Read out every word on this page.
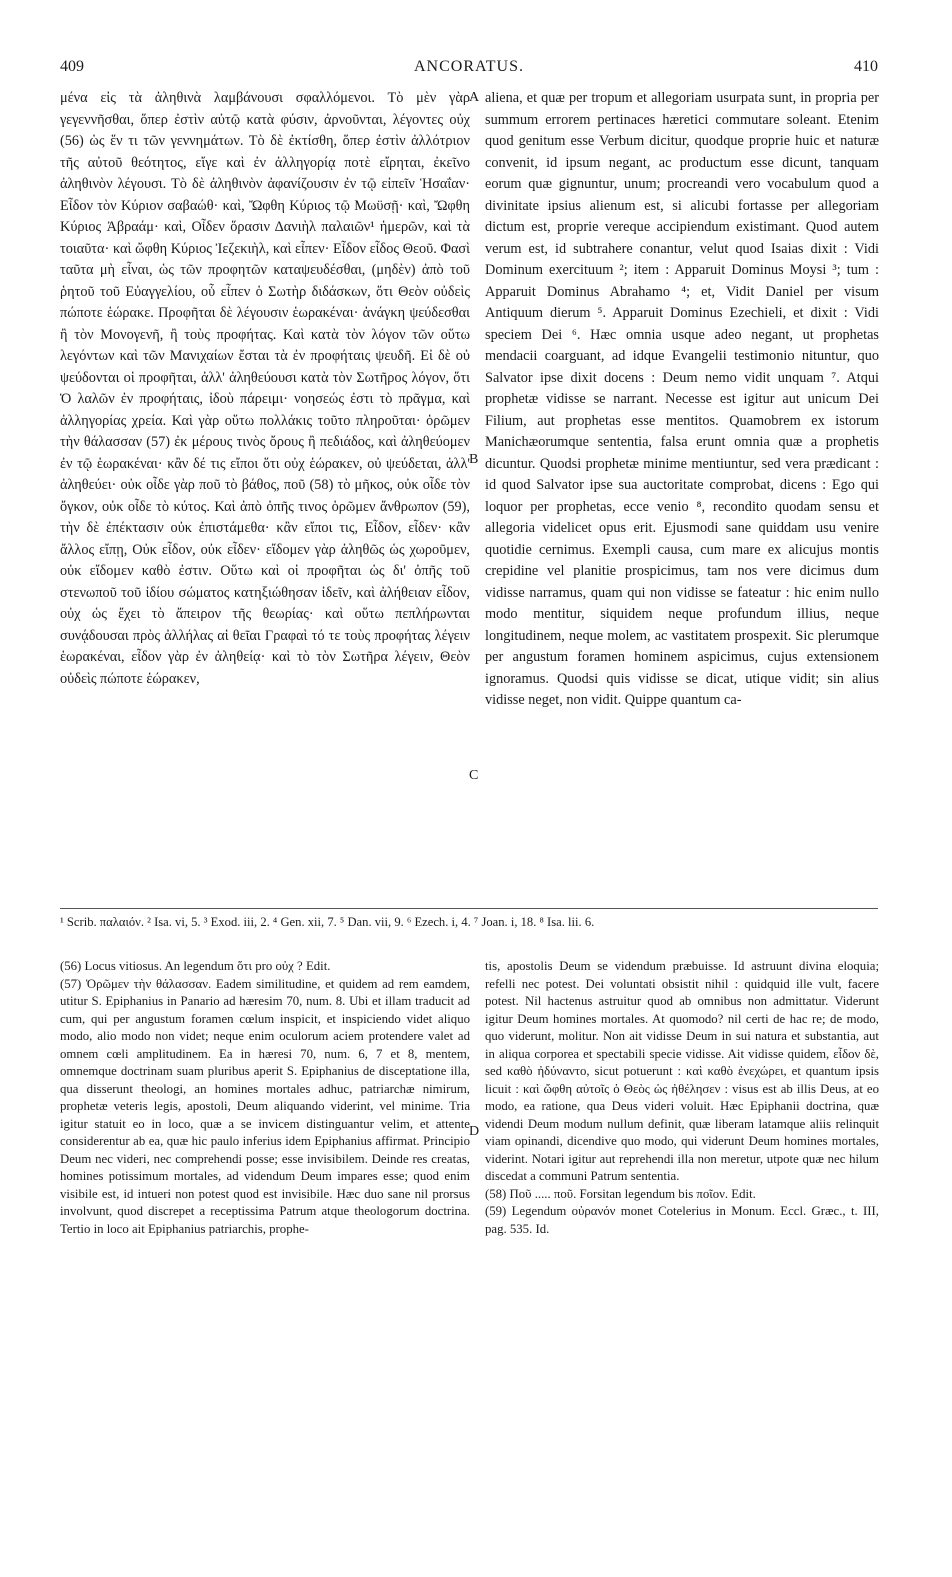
409	ANCORATUS.	410

μένα εἰς τὰ ἀληθινὰ λαμβάνουσι σφαλλόμενοι. Τὸ μὲν γὰρ γεγεννῆσθαι, ὅπερ ἐστὶν αὐτῷ κατὰ φύσιν, ἀρνοῦνται, λέγοντες οὐχ (56) ὡς ἕν τι τῶν γεννημάτων. Τὸ δὲ ἐκτίσθη, ὅπερ ἐστὶν ἀλλότριον τῆς αὐτοῦ θεότητος, εἴγε καὶ ἐν ἀλληγορίᾳ ποτὲ εἴρηται, ἐκεῖνο ἀληθινὸν λέγουσι. Τὸ δὲ ἀληθινὸν ἀφανίζουσιν ἐν τῷ εἰπεῖν Ἡσαΐαν· Εἶδον τὸν Κύριον σαβαώθ· καὶ, Ὤφθη Κύριος τῷ Μωϋσῇ· καὶ, Ὤφθη Κύριος Ἀβραάμ· καὶ, Οἶδεν ὅρασιν Δανιὴλ παλαιῶν¹ ἡμερῶν, καὶ τὰ τοιαῦτα· καὶ ὤφθη Κύριος Ἰεζεκιὴλ, καὶ εἶπεν· Εἶδον εἶδος Θεοῦ. Φασὶ ταῦτα μὴ εἶναι, ὡς τῶν προφητῶν καταψευδέσθαι, (μηδὲν) ἀπὸ τοῦ ῥητοῦ τοῦ Εὐαγγελίου, οὗ εἶπεν ὁ Σωτὴρ διδάσκων, ὅτι Θεὸν οὐδεὶς πώποτε ἑώρακε. Προφῆται δὲ λέγουσιν ἑωρακέναι· ἀνάγκη ψεύδεσθαι ἢ τὸν Μονογενῆ, ἢ τοὺς προφήτας. Καὶ κατὰ τὸν λόγον τῶν οὕτω λεγόντων καὶ τῶν Μανιχαίων ἔσται τὰ ἐν προφήταις ψευδῆ. Εἰ δὲ οὐ ψεύδονται οἱ προφῆται, ἀλλ' ἀληθεύουσι κατὰ τὸν Σωτῆρος λόγον, ὅτι Ὁ λαλῶν ἐν προφήταις, ἰδοὺ πάρειμι· νοησεώς ἐστι τὸ πρᾶγμα, καὶ ἀλληγορίας χρεία. Καὶ γὰρ οὕτω πολλάκις τοῦτο πληροῦται· ὁρῶμεν τὴν θάλασσαν (57) ἐκ μέρους τινὸς ὄρους ἢ πεδιάδος, καὶ ἀληθεύομεν ἐν τῷ ἑωρακέναι· κἂν δέ τις εἴποι ὅτι οὐχ ἑώρακεν, οὐ ψεύδεται, ἀλλ' ἀληθεύει· οὐκ οἶδε γὰρ ποῦ τὸ βάθος, ποῦ (58) τὸ μῆκος, οὐκ οἶδε τὸν ὄγκον, οὐκ οἶδε τὸ κύτος. Καὶ ἀπὸ ὀπῆς τινος ὁρῶμεν ἄνθρωπον (59), τὴν δὲ ἐπέκτασιν οὐκ ἐπιστάμεθα· κἂν εἴποι τις, Εἶδον, εἶδεν· κἂν ἄλλος εἴπῃ, Οὐκ εἶδον, οὐκ εἶδεν· εἴδομεν γὰρ ἀληθῶς ὡς χωροῦμεν, οὐκ εἴδομεν καθὸ ἐστιν. Οὕτω καὶ οἱ προφῆται ὡς δι' ὀπῆς τοῦ στενωποῦ τοῦ ἰδίου σώματος κατηξιώθησαν ἰδεῖν, καὶ ἀλήθειαν εἶδον, οὐχ ὡς ἔχει τὸ ἄπειρον τῆς θεωρίας· καὶ οὕτω πεπλήρωνται συνᾴδουσαι πρὸς ἀλλήλας αἱ θεῖαι Γραφαὶ τό τε τοὺς προφήτας λέγειν ἑωρακέναι, εἶδον γὰρ ἐν ἀληθείᾳ· καὶ τὸ τὸν Σωτῆρα λέγειν, Θεὸν οὐδεὶς πώποτε ἑώρακεν,

aliena, et quæ per tropum et allegoriam usurpata sunt, in propria per summum errorem pertinaces hæretici commutare soleant. Etenim quod genitum esse Verbum dicitur, quodque proprie huic et naturæ convenit, id ipsum negant, ac productum esse dicunt, tanquam eorum quæ gignuntur, unum; procreandi vero vocabulum quod a divinitate ipsius alienum est, si alicubi fortasse per allegoriam dictum est, proprie vereque accipiendum existimant. Quod autem verum est, id subtrahere conantur, velut quod Isaias dixit : Vidi Dominum exercituum ²; item : Apparuit Dominus Moysi ³; tum : Apparuit Dominus Abrahamo ⁴; et, Vidit Daniel per visum Antiquum dierum ⁵. Apparuit Dominus Ezechieli, et dixit : Vidi speciem Dei ⁶. Hæc omnia usque adeo negant, ut prophetas mendacii coarguant, ad idque Evangelii testimonio nituntur, quo Salvator ipse dixit docens : Deum nemo vidit unquam ⁷. Atqui prophetæ vidisse se narrant. Necesse est igitur aut unicum Dei Filium, aut prophetas esse mentitos. Quamobrem ex istorum Manichæorumque sententia, falsa erunt omnia quæ a prophetis dicuntur. Quodsi prophetæ minime mentiuntur, sed vera prædicant : id quod Salvator ipse sua auctoritate comprobat, dicens : Ego qui loquor per prophetas, ecce venio ⁸, recondito quodam sensu et allegoria videlicet opus erit. Ejusmodi sane quiddam usu venire quotidie cernimus. Exempli causa, cum mare ex alicujus montis crepidine vel planitie prospicimus, tam nos vere dicimus dum vidisse narramus, quam qui non vidisse se fateatur : hic enim nullo modo mentitur, siquidem neque profundum illius, neque longitudinem, neque molem, ac vastitatem prospexit. Sic plerumque per angustum foramen hominem aspicimus, cujus extensionem ignoramus. Quodsi quis vidisse se dicat, utique vidit; sin alius vidisse neget, non vidit. Quippe quantum ca-

A
B
C
D
¹ Scrib. παλαιόν. ² Isa. vi, 5. ³ Exod. iii, 2. ⁴ Gen. xii, 7. ⁵ Dan. vii, 9. ⁶ Ezech. i, 4. ⁷ Joan. i, 18. ⁸ Isa. lii. 6.

(56) Locus vitiosus. An legendum ὅτι pro οὐχ ? Edit.

(57) Ὁρῶμεν τὴν θάλασσαν. Eadem similitudine, et quidem ad rem eamdem, utitur S. Epiphanius in Panario ad hæresim 70, num. 8. Ubi et illam traducit ad cum, qui per angustum foramen cœlum inspicit, et inspiciendo videt aliquo modo, alio modo non videt; neque enim oculorum aciem protendere valet ad omnem cœli amplitudinem. Ea in hæresi 70, num. 6, 7 et 8, mentem, omnemque doctrinam suam pluribus aperit S. Epiphanius de disceptatione illa, qua disserunt theologi, an homines mortales adhuc, patriarchæ nimirum, prophetæ veteris legis, apostoli, Deum aliquando viderint, vel minime. Tria igitur statuit eo in loco, quæ a se invicem distinguantur velim, et attente considerentur ab ea, quæ hic paulo inferius idem Epiphanius affirmat. Principio Deum nec videri, nec comprehendi posse; esse invisibilem. Deinde res creatas, homines potissimum mortales, ad videndum Deum impares esse; quod enim visibile est, id intueri non potest quod est invisibile. Hæc duo sane nil prorsus involvunt, quod discrepet a receptissima Patrum atque theologorum doctrina. Tertio in loco ait Epiphanius patriarchis, prophe-

tis, apostolis Deum se videndum præbuisse. Id astruunt divina eloquia; refelli nec potest. Dei voluntati obsistit nihil : quidquid ille vult, facere potest. Nil hactenus astruitur quod ab omnibus non admittatur. Viderunt igitur Deum homines mortales. At quomodo? nil certi de hac re; de modo, quo viderunt, molitur. Non ait vidisse Deum in sui natura et substantia, aut in aliqua corporea et spectabili specie vidisse. Ait vidisse quidem, εἶδον δὲ, sed καθὸ ἠδύναντο, sicut potuerunt : καὶ καθὸ ἐνεχώρει, et quantum ipsis licuit : καὶ ὤφθη αὐτοῖς ὁ Θεὸς ὡς ἠθέλησεν : visus est ab illis Deus, at eo modo, ea ratione, qua Deus videri voluit. Hæc Epiphanii doctrina, quæ videndi Deum modum nullum definit, quæ liberam latamque aliis relinquit viam opinandi, dicendive quo modo, qui viderunt Deum homines mortales, viderint. Notari igitur aut reprehendi illa non meretur, utpote quæ nec hilum discedat a communi Patrum sententia.

(58) Ποῦ ..... ποῦ. Forsitan legendum bis ποῖον. Edit.

(59) Legendum οὐρανόν monet Cotelerius in Monum. Eccl. Græc., t. III, pag. 535. Id.
